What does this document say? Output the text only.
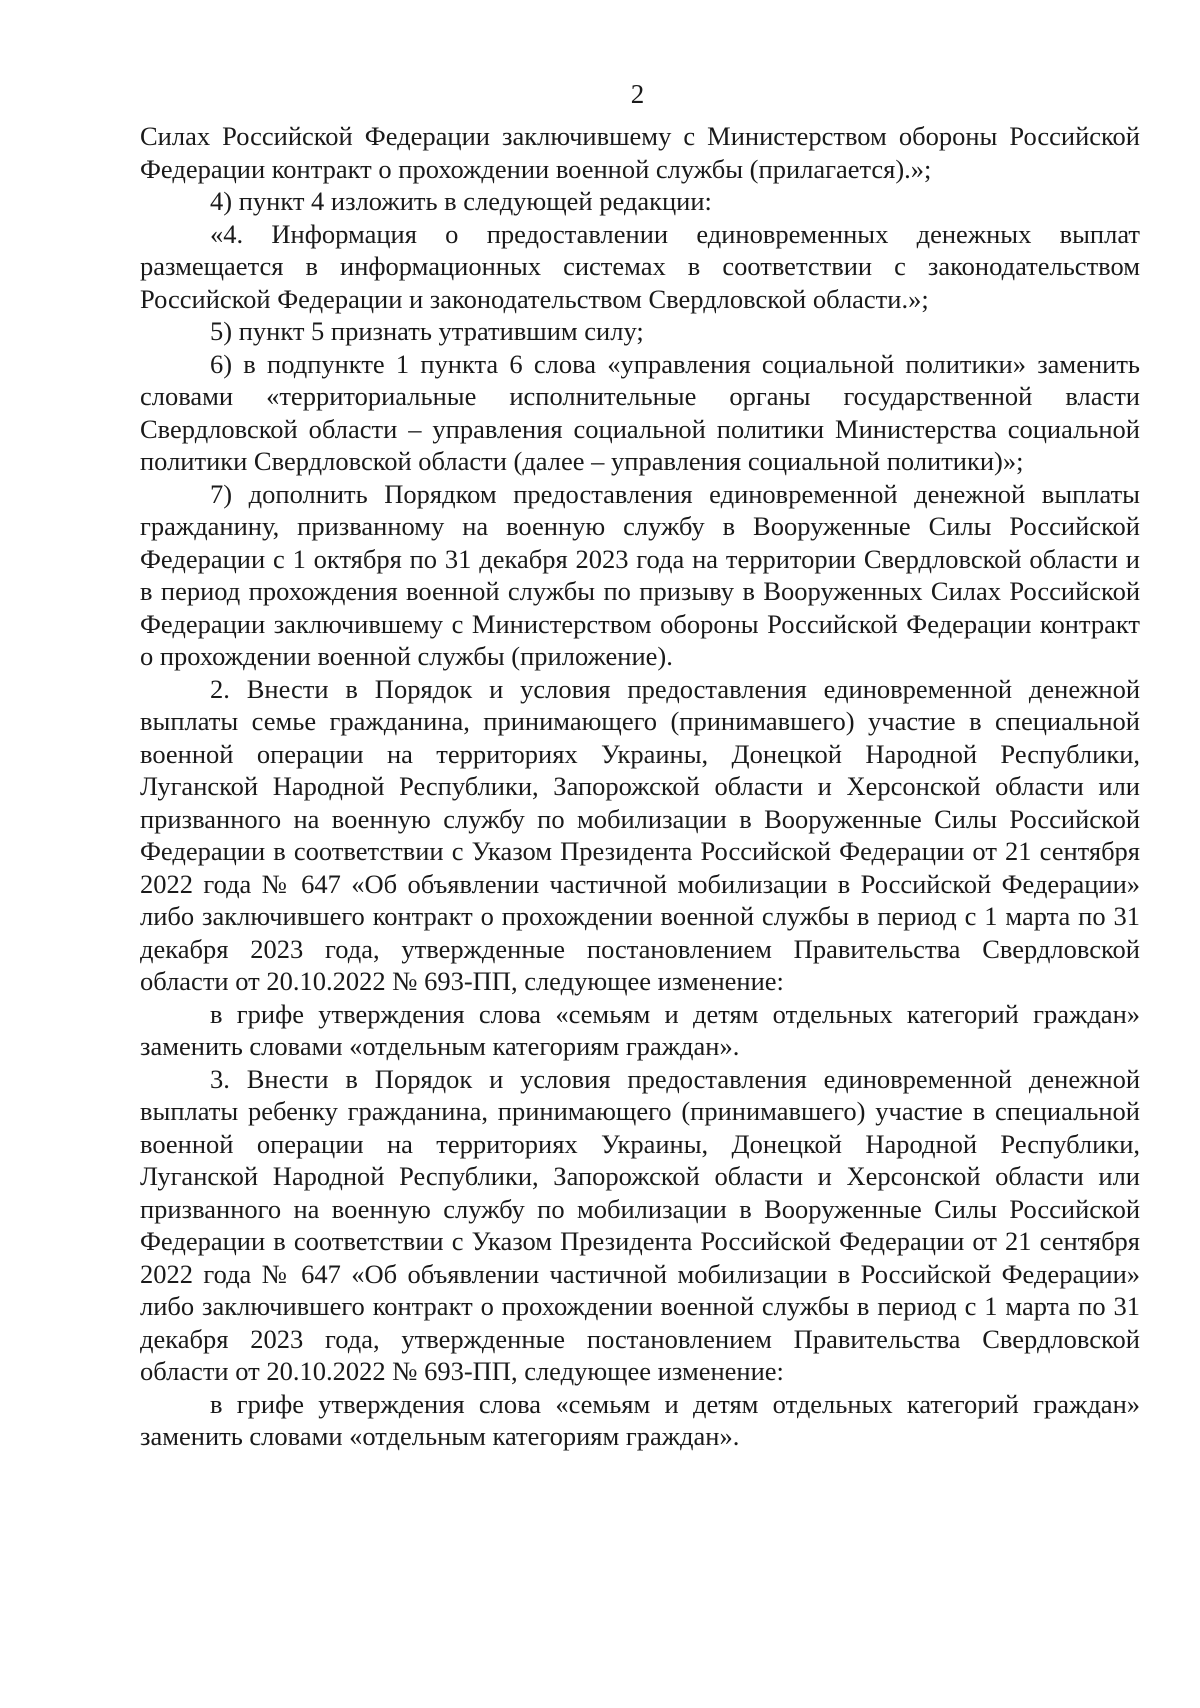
2

Силах Российской Федерации заключившему с Министерством обороны Российской Федерации контракт о прохождении военной службы (прилагается).»;

4) пункт 4 изложить в следующей редакции:

«4. Информация о предоставлении единовременных денежных выплат размещается в информационных системах в соответствии с законодательством Российской Федерации и законодательством Свердловской области.»;

5) пункт 5 признать утратившим силу;

6) в подпункте 1 пункта 6 слова «управления социальной политики» заменить словами «территориальные исполнительные органы государственной власти Свердловской области – управления социальной политики Министерства социальной политики Свердловской области (далее – управления социальной политики)»;

7) дополнить Порядком предоставления единовременной денежной выплаты гражданину, призванному на военную службу в Вооруженные Силы Российской Федерации с 1 октября по 31 декабря 2023 года на территории Свердловской области и в период прохождения военной службы по призыву в Вооруженных Силах Российской Федерации заключившему с Министерством обороны Российской Федерации контракт о прохождении военной службы (приложение).

2. Внести в Порядок и условия предоставления единовременной денежной выплаты семье гражданина, принимающего (принимавшего) участие в специальной военной операции на территориях Украины, Донецкой Народной Республики, Луганской Народной Республики, Запорожской области и Херсонской области или призванного на военную службу по мобилизации в Вооруженные Силы Российской Федерации в соответствии с Указом Президента Российской Федерации от 21 сентября 2022 года № 647 «Об объявлении частичной мобилизации в Российской Федерации» либо заключившего контракт о прохождении военной службы в период с 1 марта по 31 декабря 2023 года, утвержденные постановлением Правительства Свердловской области от 20.10.2022 № 693-ПП, следующее изменение:

в грифе утверждения слова «семьям и детям отдельных категорий граждан» заменить словами «отдельным категориям граждан».

3. Внести в Порядок и условия предоставления единовременной денежной выплаты ребенку гражданина, принимающего (принимавшего) участие в специальной военной операции на территориях Украины, Донецкой Народной Республики, Луганской Народной Республики, Запорожской области и Херсонской области или призванного на военную службу по мобилизации в Вооруженные Силы Российской Федерации в соответствии с Указом Президента Российской Федерации от 21 сентября 2022 года № 647 «Об объявлении частичной мобилизации в Российской Федерации» либо заключившего контракт о прохождении военной службы в период с 1 марта по 31 декабря 2023 года, утвержденные постановлением Правительства Свердловской области от 20.10.2022 № 693-ПП, следующее изменение:

в грифе утверждения слова «семьям и детям отдельных категорий граждан» заменить словами «отдельным категориям граждан».
